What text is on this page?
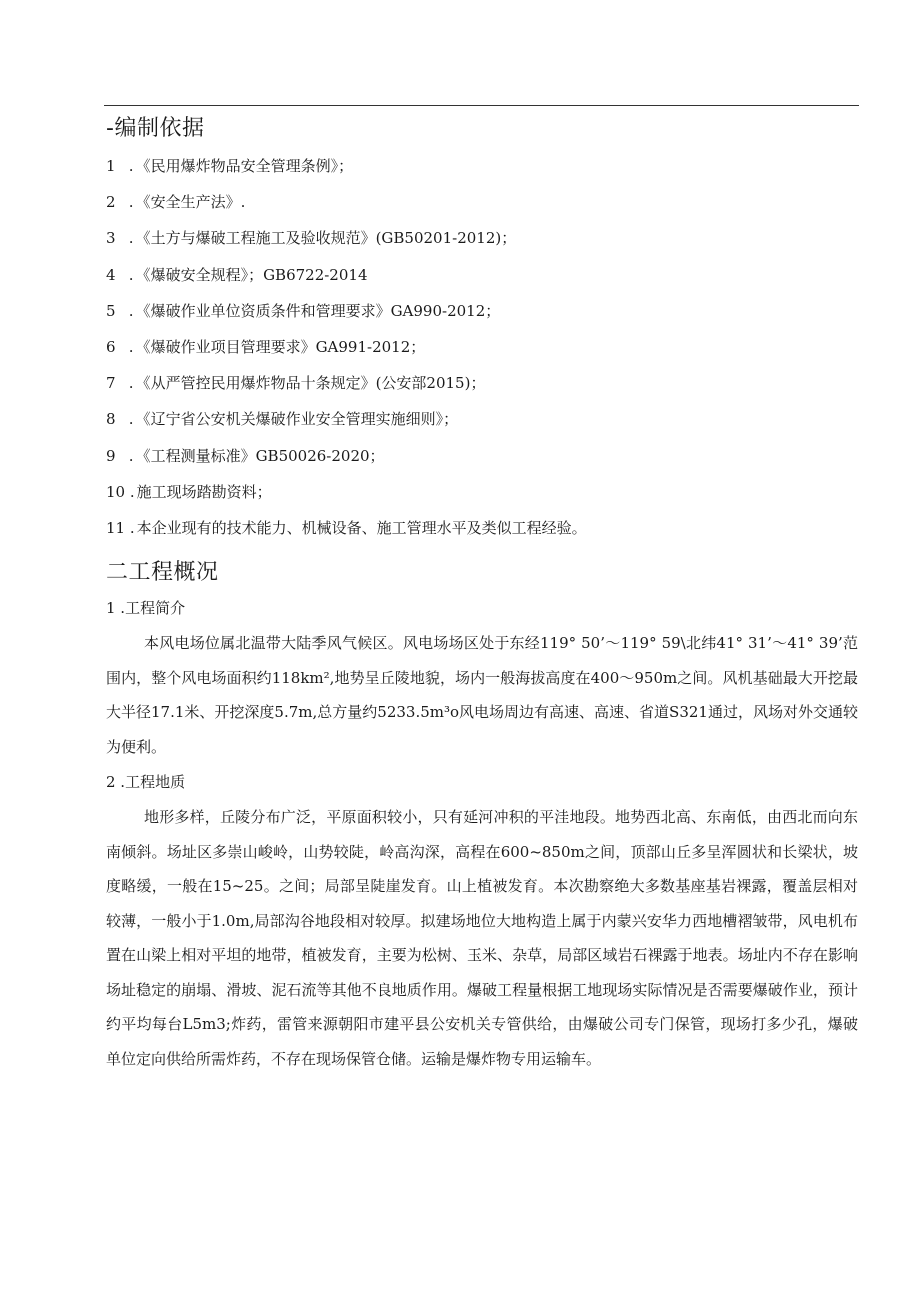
-编制依据
1 . 《民用爆炸物品安全管理条例》；
2 . 《安全生产法》.
3 . 《土方与爆破工程施工及验收规范》(GB50201-2012)；
4 . 《爆破安全规程》；GB6722-2014
5 . 《爆破作业单位资质条件和管理要求》GA990-2012；
6 . 《爆破作业项目管理要求》GA991-2012；
7 . 《从严管控民用爆炸物品十条规定》(公安部2015)；
8 . 《辽宁省公安机关爆破作业安全管理实施细则》；
9 . 《工程测量标准》GB50026-2020；
10 . 施工现场踏勘资料；
11 . 本企业现有的技术能力、机械设备、施工管理水平及类似工程经验。
二工程概况

1 .工程简介

本风电场位属北温带大陆季风气候区。风电场场区处于东经119° 50’～119° 59\北纬41° 31’～41° 39’范围内，整个风电场面积约118km²,地势呈丘陵地貌，场内一般海拔高度在400～950m之间。风机基础最大开挖最大半径17.1米、开挖深度5.7m,总方量约5233.5m³o风电场周边有高速、高速、省道S321通过，风场对外交通较为便利。

2 .工程地质

地形多样，丘陵分布广泛，平原面积较小，只有延河冲积的平洼地段。地势西北高、东南低，由西北而向东南倾斜。场址区多崇山峻岭，山势较陡，岭高沟深，高程在600~850m之间，顶部山丘多呈浑圆状和长梁状，坡度略缓，一般在15~25。之间；局部呈陡崖发育。山上植被发育。本次勘察绝大多数基座基岩裸露，覆盖层相对较薄，一般小于1.0m,局部沟谷地段相对较厚。拟建场地位大地构造上属于内蒙兴安华力西地槽褶皱带，风电机布置在山梁上相对平坦的地带，植被发育，主要为松树、玉米、杂草，局部区域岩石裸露于地表。场址内不存在影响场址稳定的崩塌、滑坡、泥石流等其他不良地质作用。爆破工程量根据工地现场实际情况是否需要爆破作业，预计约平均每台L5m3;炸药，雷管来源朝阳市建平县公安机关专管供给，由爆破公司专门保管，现场打多少孔，爆破单位定向供给所需炸药，不存在现场保管仓储。运输是爆炸物专用运输车。
